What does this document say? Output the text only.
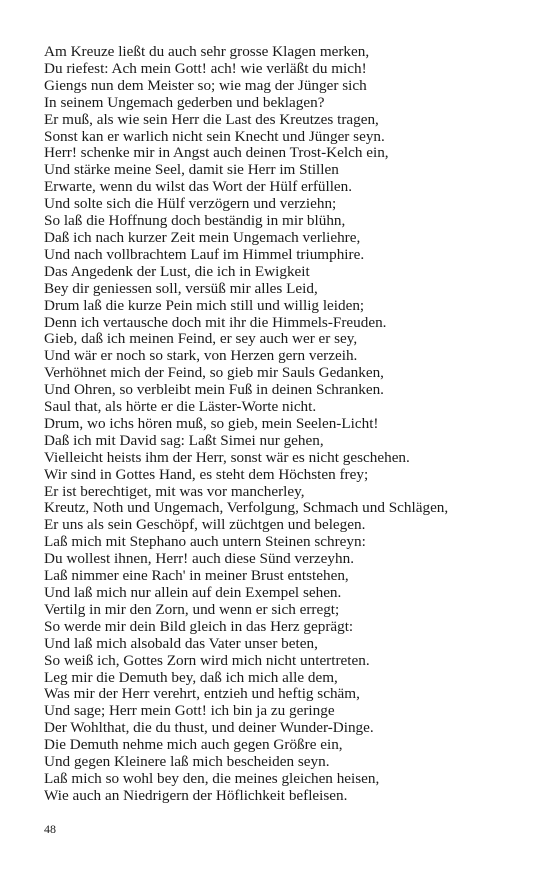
Am Kreuze ließt du auch sehr grosse Klagen merken,
Du riefest: Ach mein Gott! ach! wie verläßt du mich!
Giengs nun dem Meister so; wie mag der Jünger sich
In seinem Ungemach gederben und beklagen?
Er muß, als wie sein Herr die Last des Kreutzes tragen,
Sonst kan er warlich nicht sein Knecht und Jünger seyn.
Herr! schenke mir in Angst auch deinen Trost-Kelch ein,
Und stärke meine Seel, damit sie Herr im Stillen
Erwarte, wenn du wilst das Wort der Hülf erfüllen.
Und solte sich die Hülf verzögern und verziehn;
So laß die Hoffnung doch beständig in mir blühn,
Daß ich nach kurzer Zeit mein Ungemach verliehre,
Und nach vollbrachtem Lauf im Himmel triumphire.
Das Angedenk der Lust, die ich in Ewigkeit
Bey dir geniessen soll, versüß mir alles Leid,
Drum laß die kurze Pein mich still und willig leiden;
Denn ich vertausche doch mit ihr die Himmels-Freuden.
Gieb, daß ich meinen Feind, er sey auch wer er sey,
Und wär er noch so stark, von Herzen gern verzeih.
Verhöhnet mich der Feind, so gieb mir Sauls Gedanken,
Und Ohren, so verbleibt mein Fuß in deinen Schranken.
Saul that, als hörte er die Läster-Worte nicht.
Drum, wo ichs hören muß, so gieb, mein Seelen-Licht!
Daß ich mit David sag: Laßt Simei nur gehen,
Vielleicht heists ihm der Herr, sonst wär es nicht geschehen.
Wir sind in Gottes Hand, es steht dem Höchsten frey;
Er ist berechtiget, mit was vor mancherley,
Kreutz, Noth und Ungemach, Verfolgung, Schmach und Schlägen,
Er uns als sein Geschöpf, will züchtgen und belegen.
Laß mich mit Stephano auch untern Steinen schreyn:
Du wollest ihnen, Herr! auch diese Sünd verzeyhn.
Laß nimmer eine Rach' in meiner Brust entstehen,
Und laß mich nur allein auf dein Exempel sehen.
Vertilg in mir den Zorn, und wenn er sich erregt;
So werde mir dein Bild gleich in das Herz geprägt:
Und laß mich alsobald das Vater unser beten,
So weiß ich, Gottes Zorn wird mich nicht untertreten.
Leg mir die Demuth bey, daß ich mich alle dem,
Was mir der Herr verehrt, entzieh und heftig schäm,
Und sage; Herr mein Gott! ich bin ja zu geringe
Der Wohlthat, die du thust, und deiner Wunder-Dinge.
Die Demuth nehme mich auch gegen Größre ein,
Und gegen Kleinere laß mich bescheiden seyn.
Laß mich so wohl bey den, die meines gleichen heisen,
Wie auch an Niedrigern der Höflichkeit befleisen.
48
